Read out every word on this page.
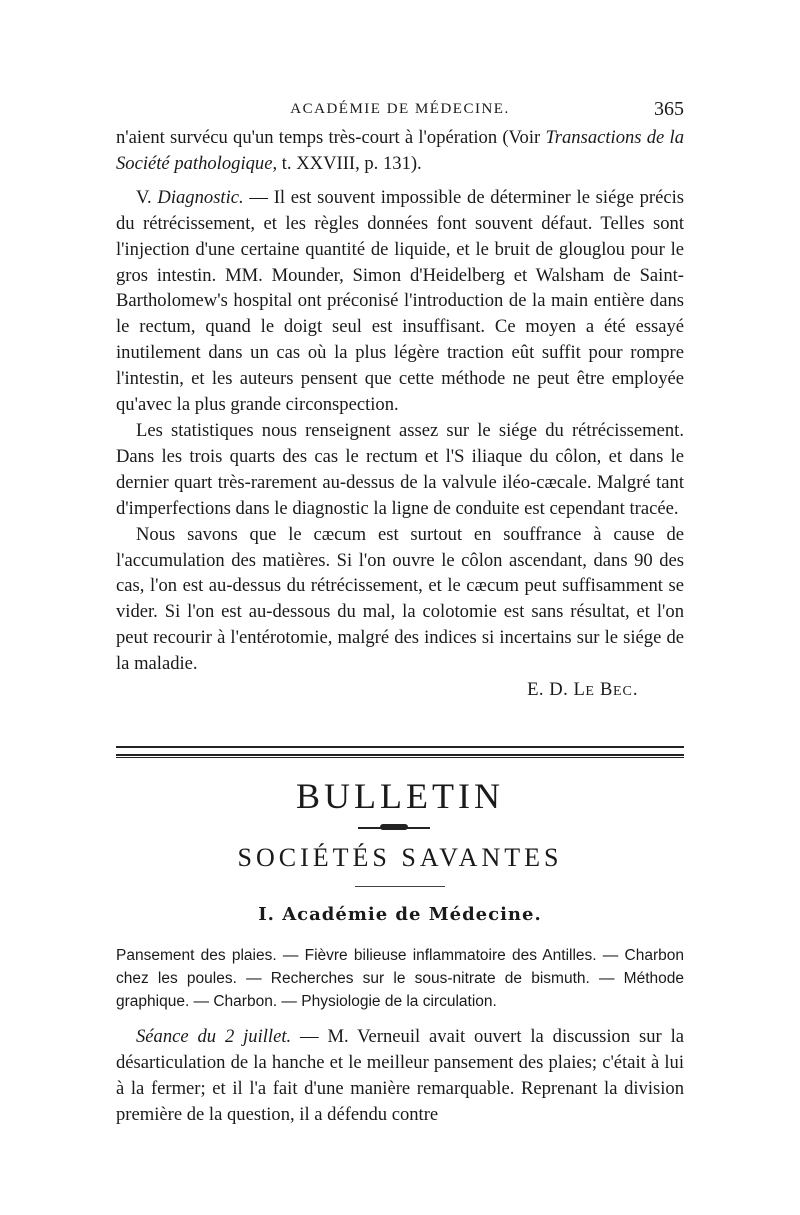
ACADÉMIE DE MÉDECINE.	365

n'aient survécu qu'un temps très-court à l'opération (Voir Transactions de la Société pathologique, t. XXVIII, p. 131).

V. Diagnostic. — Il est souvent impossible de déterminer le siége précis du rétrécissement, et les règles données font souvent défaut. Telles sont l'injection d'une certaine quantité de liquide, et le bruit de glouglou pour le gros intestin. MM. Mounder, Simon d'Heidelberg et Walsham de Saint-Bartholomew's hospital ont préconisé l'introduction de la main entière dans le rectum, quand le doigt seul est insuffisant. Ce moyen a été essayé inutilement dans un cas où la plus légère traction eût suffit pour rompre l'intestin, et les auteurs pensent que cette méthode ne peut être employée qu'avec la plus grande circonspection.

Les statistiques nous renseignent assez sur le siége du rétrécissement. Dans les trois quarts des cas le rectum et l'S iliaque du côlon, et dans le dernier quart très-rarement au-dessus de la valvule iléo-cæcale. Malgré tant d'imperfections dans le diagnostic la ligne de conduite est cependant tracée.

Nous savons que le cæcum est surtout en souffrance à cause de l'accumulation des matières. Si l'on ouvre le côlon ascendant, dans 90 des cas, l'on est au-dessus du rétrécissement, et le cæcum peut suffisamment se vider. Si l'on est au-dessous du mal, la colotomie est sans résultat, et l'on peut recourir à l'entérotomie, malgré des indices si incertains sur le siége de la maladie.

E. D. LE BEC.

BULLETIN
SOCIÉTÉS SAVANTES
I. Académie de Médecine.
Pansement des plaies. — Fièvre bilieuse inflammatoire des Antilles. — Charbon chez les poules. — Recherches sur le sous-nitrate de bismuth. — Méthode graphique. — Charbon. — Physiologie de la circulation.

Séance du 2 juillet. — M. Verneuil avait ouvert la discussion sur la désarticulation de la hanche et le meilleur pansement des plaies; c'était à lui à la fermer; et il l'a fait d'une manière remarquable. Reprenant la division première de la question, il a défendu contre
